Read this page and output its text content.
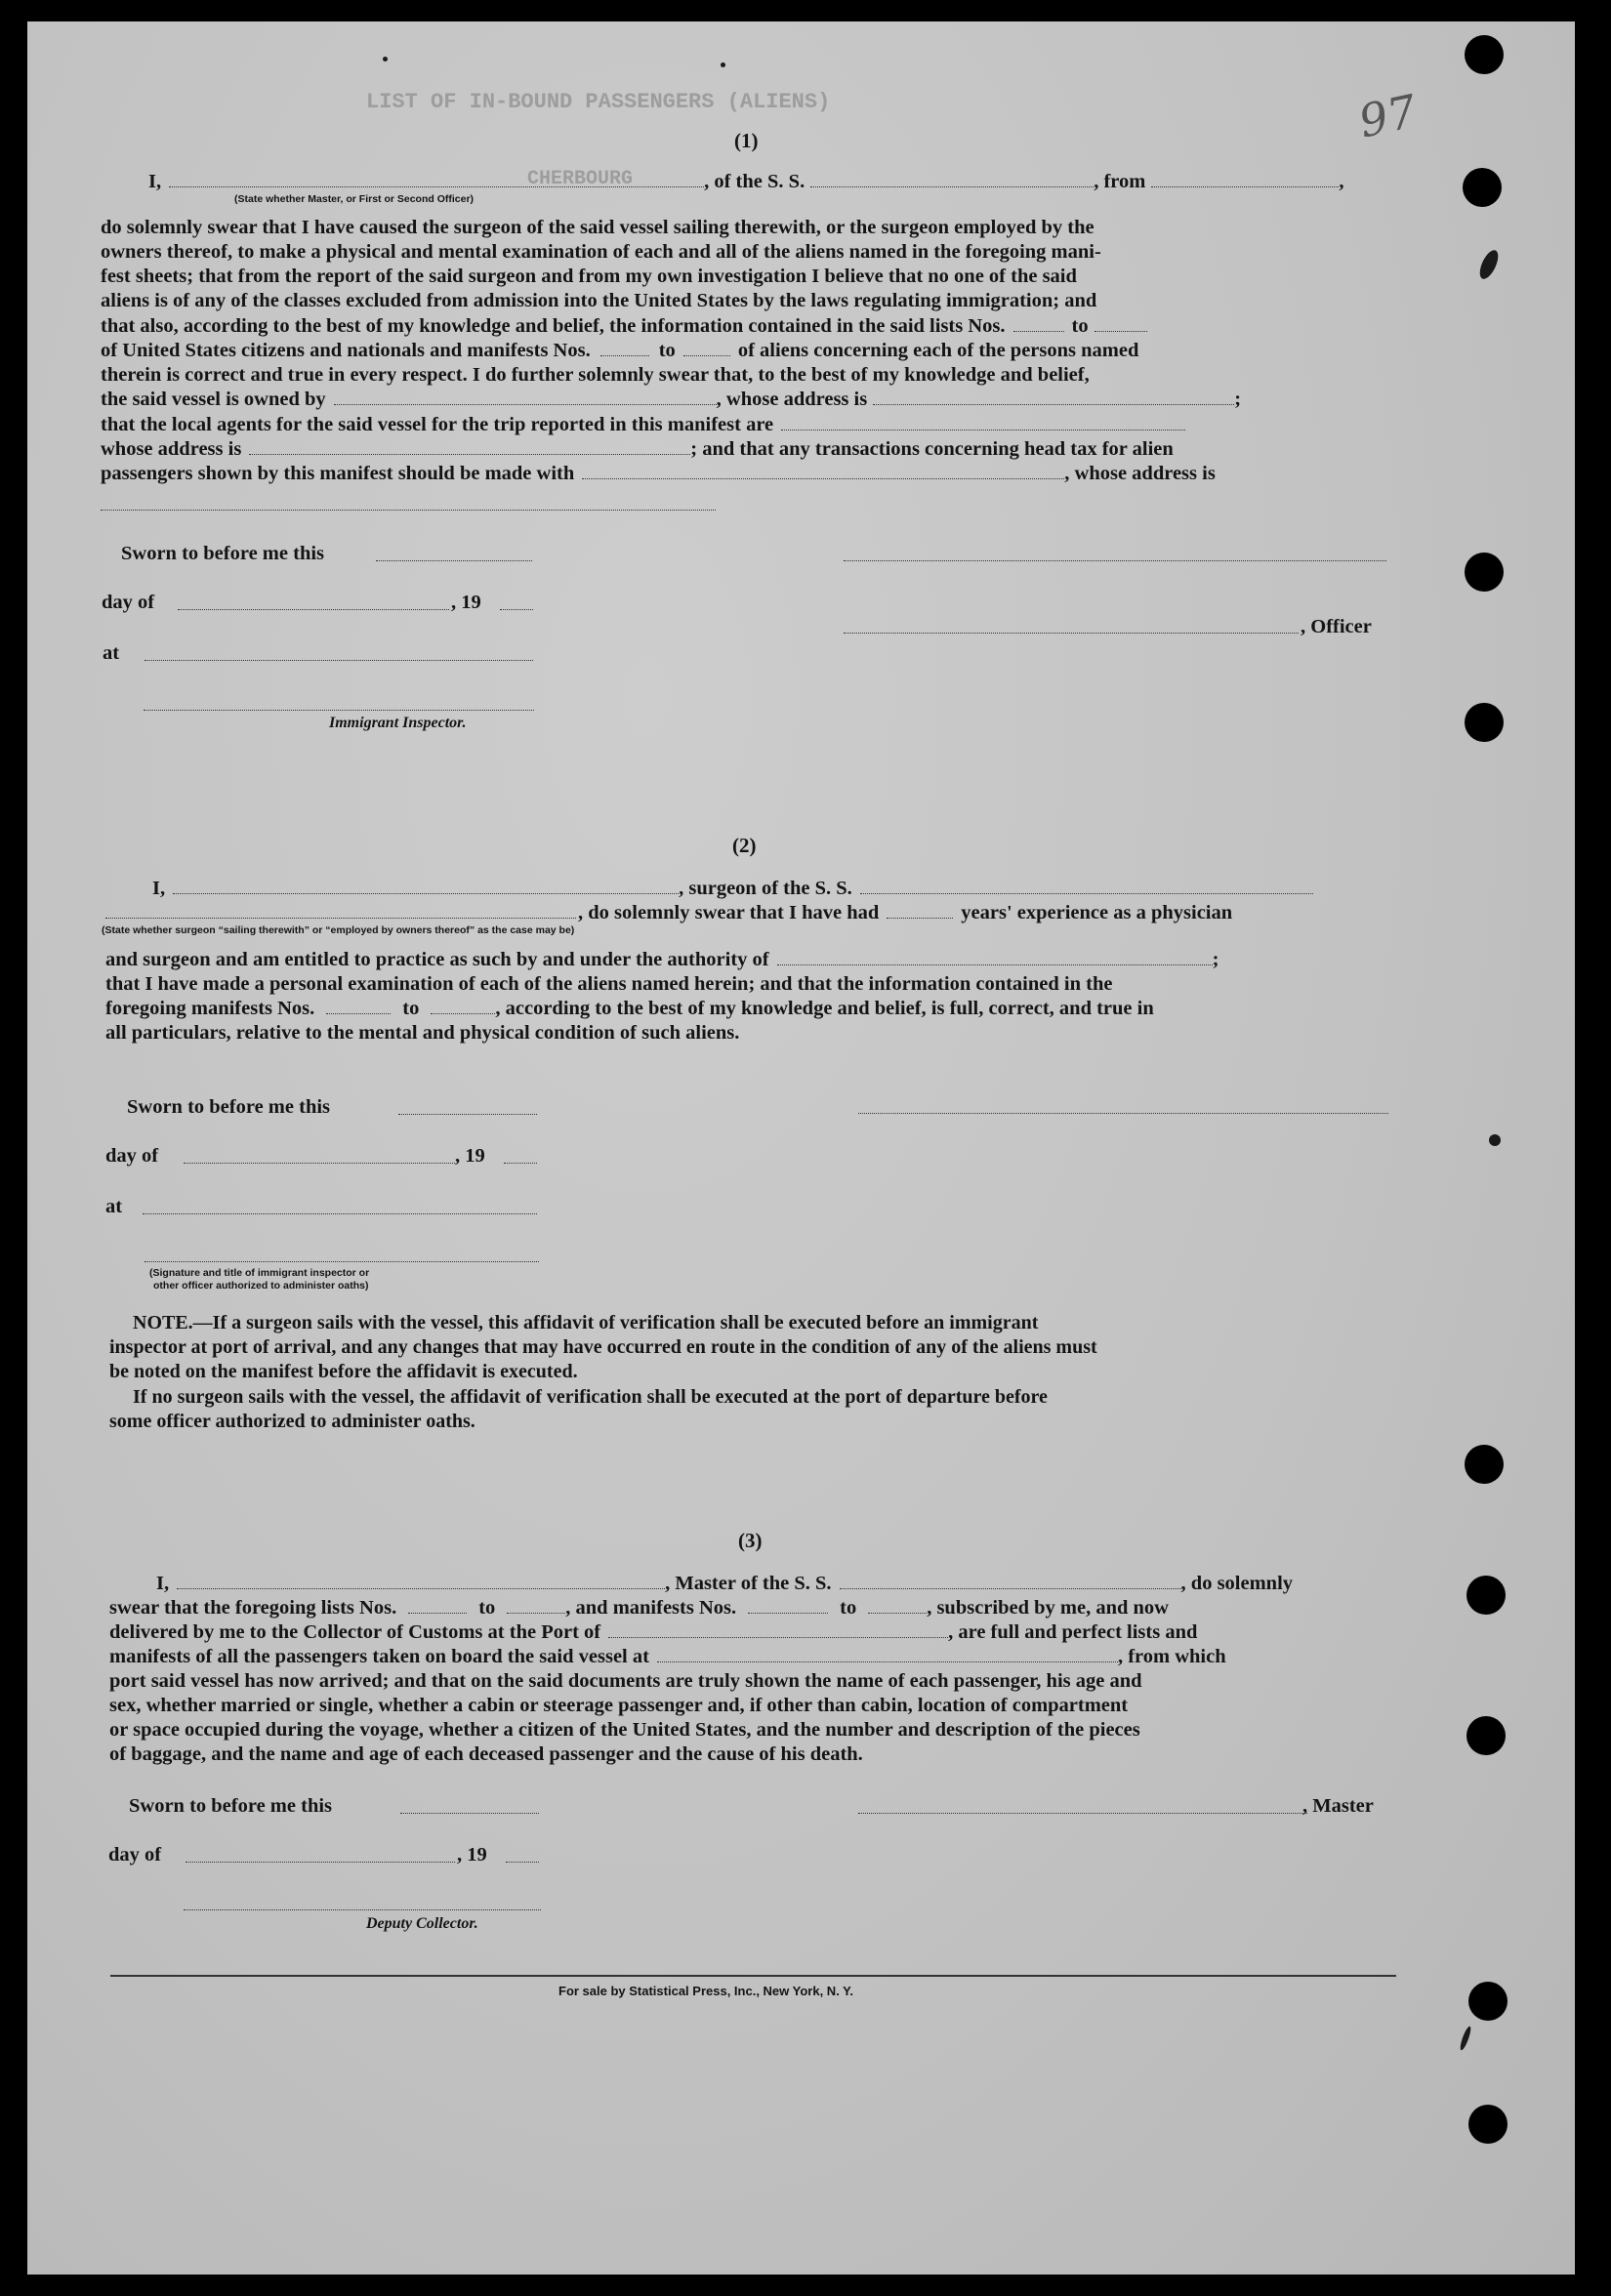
LIST OF IN-BOUND PASSENGERS (ALIENS)
CHERBOURG
97
(1)
I,	, of the S. S.	, from	,
(State whether Master, or First or Second Officer)
do solemnly swear that I have caused the surgeon of the said vessel sailing therewith, or the surgeon employed by the
owners thereof, to make a physical and mental examination of each and all of the aliens named in the foregoing mani-
fest sheets; that from the report of the said surgeon and from my own investigation I believe that no one of the said
aliens is of any of the classes excluded from admission into the United States by the laws regulating immigration; and
that also, according to the best of my knowledge and belief, the information contained in the said lists Nos.	to
of United States citizens and nationals and manifests Nos.	to	of aliens concerning each of the persons named
therein is correct and true in every respect. I do further solemnly swear that, to the best of my knowledge and belief,
the said vessel is owned by	, whose address is	;
that the local agents for the said vessel for the trip reported in this manifest are
whose address is	; and that any transactions concerning head tax for alien
passengers shown by this manifest should be made with	, whose address is
Sworn to before me this
day of	, 19
, Officer
at
Immigrant Inspector.
(2)
I,	, surgeon of the S. S.
, do solemnly swear that I have had	years' experience as a physician
(State whether surgeon “sailing therewith” or “employed by owners thereof” as the case may be)
and surgeon and am entitled to practice as such by and under the authority of	;
that I have made a personal examination of each of the aliens named herein; and that the information contained in the
foregoing manifests Nos.	to	, according to the best of my knowledge and belief, is full, correct, and true in
all particulars, relative to the mental and physical condition of such aliens.
Sworn to before me this
day of	, 19
at
(Signature and title of immigrant inspector or
other officer authorized to administer oaths)
NOTE.—If a surgeon sails with the vessel, this affidavit of verification shall be executed before an immigrant
inspector at port of arrival, and any changes that may have occurred en route in the condition of any of the aliens must
be noted on the manifest before the affidavit is executed.
If no surgeon sails with the vessel, the affidavit of verification shall be executed at the port of departure before
some officer authorized to administer oaths.
(3)
I,	, Master of the S. S.	, do solemnly
swear that the foregoing lists Nos.	to	, and manifests Nos.	to	, subscribed by me, and now
delivered by me to the Collector of Customs at the Port of	, are full and perfect lists and
manifests of all the passengers taken on board the said vessel at	, from which
port said vessel has now arrived; and that on the said documents are truly shown the name of each passenger, his age and
sex, whether married or single, whether a cabin or steerage passenger and, if other than cabin, location of compartment
or space occupied during the voyage, whether a citizen of the United States, and the number and description of the pieces
of baggage, and the name and age of each deceased passenger and the cause of his death.
Sworn to before me this	, Master
day of	, 19
Deputy Collector.
For sale by Statistical Press, Inc., New York, N. Y.
